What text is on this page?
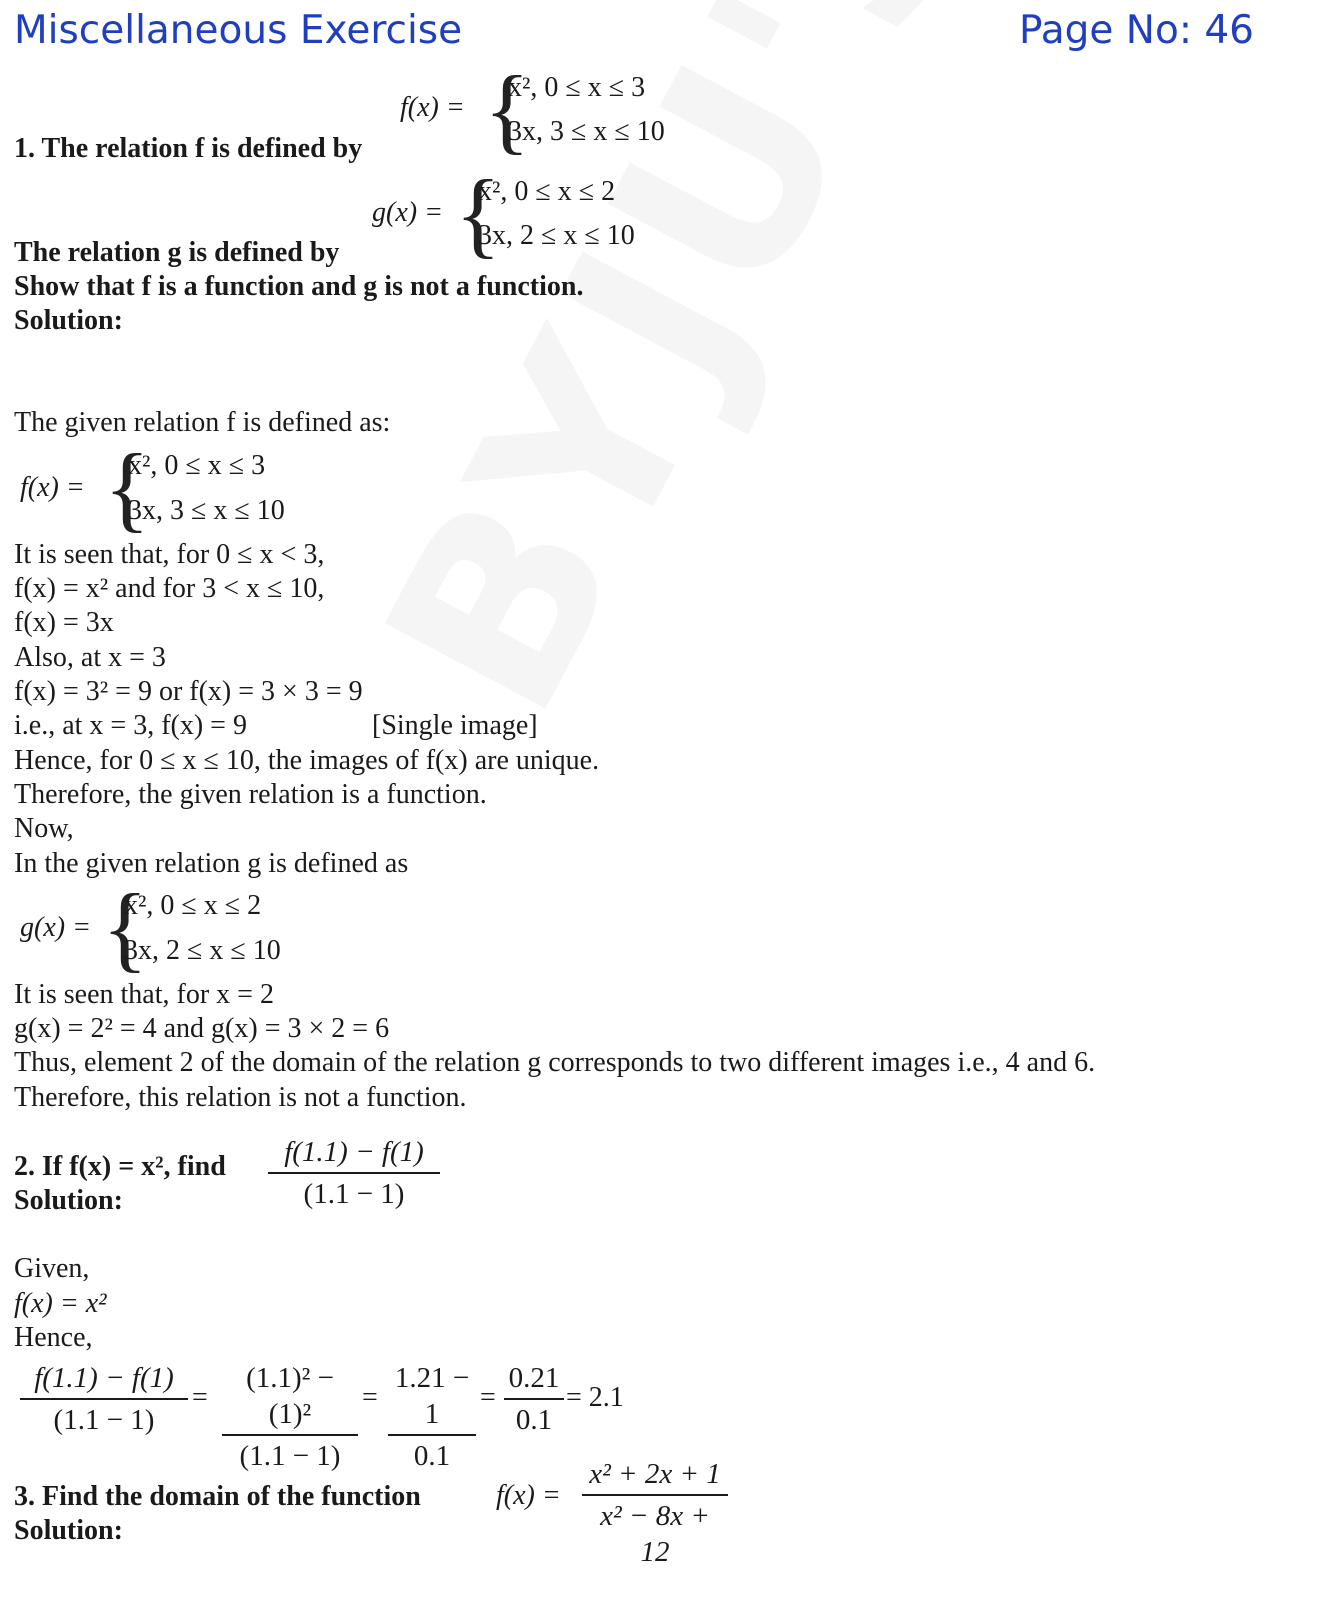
Miscellaneous Exercise	Page No: 46
1. The relation f is defined by
f(x) = {
x², 0 ≤ x ≤ 3
3x, 3 ≤ x ≤ 10
g(x) = {
x², 0 ≤ x ≤ 2
3x, 2 ≤ x ≤ 10
The relation g is defined by
Show that f is a function and g is not a function.
Solution:
The given relation f is defined as:
f(x) = {
x², 0 ≤ x ≤ 3
3x, 3 ≤ x ≤ 10
It is seen that, for 0 ≤ x < 3,
f(x) = x² and for 3 < x ≤ 10,
f(x) = 3x
Also, at x = 3
f(x) = 3² = 9 or f(x) = 3 × 3 = 9
i.e., at x = 3, f(x) = 9	[Single image]
Hence, for 0 ≤ x ≤ 10, the images of f(x) are unique.
Therefore, the given relation is a function.
Now,
In the given relation g is defined as
g(x) = {
x², 0 ≤ x ≤ 2
3x, 2 ≤ x ≤ 10
It is seen that, for x = 2
g(x) = 2² = 4 and g(x) = 3 × 2 = 6
Thus, element 2 of the domain of the relation g corresponds to two different images i.e., 4 and 6.
Therefore, this relation is not a function.
2. If f(x) = x², find	f(1.1) − f(1)
(1.1 − 1)
Solution:
Given,
f(x) = x²
Hence,
f(1.1) − f(1)
(1.1 − 1)
=
(1.1)² − (1)²
(1.1 − 1)
=
1.21 − 1
0.1
=
0.21
0.1
= 2.1
3. Find the domain of the function	f(x) =
x² + 2x + 1
x² − 8x + 12
Solution:
